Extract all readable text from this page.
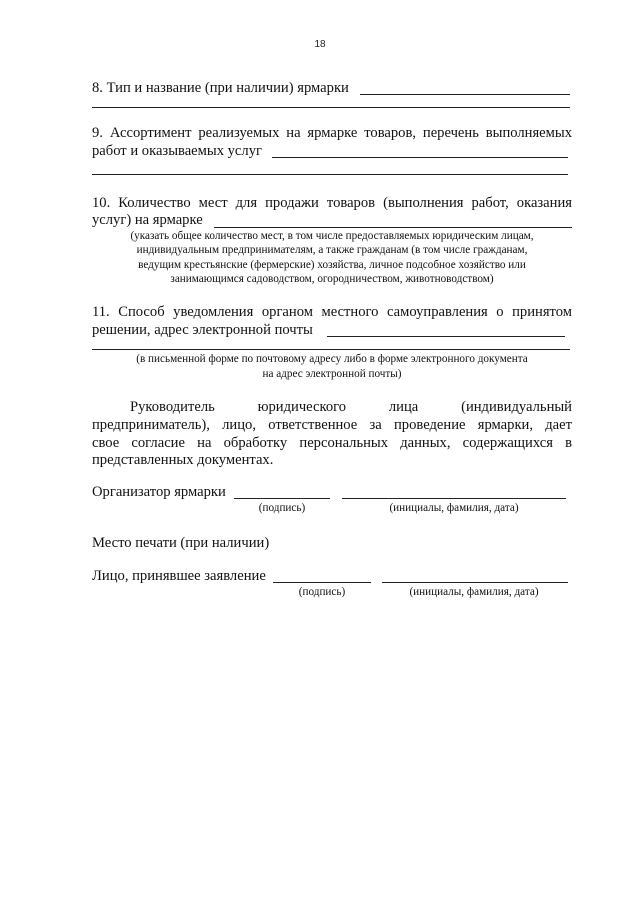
18
8. Тип и название (при наличии) ярмарки
9. Ассортимент реализуемых на ярмарке товаров, перечень выполняемых
работ и оказываемых услуг
10. Количество мест для продажи товаров (выполнения работ, оказания
услуг) на ярмарке
(указать общее количество мест, в том числе предоставляемых юридическим лицам,
индивидуальным предпринимателям, а также гражданам (в том числе гражданам,
ведущим крестьянские (фермерские) хозяйства, личное подсобное хозяйство или
занимающимся садоводством, огородничеством, животноводством)
11. Способ уведомления органом местного самоуправления о принятом
решении, адрес электронной почты
(в письменной форме по почтовому адресу либо в форме электронного документа
на адрес электронной почты)
Руководитель юридического лица (индивидуальный
предприниматель), лицо, ответственное за проведение ярмарки, дает
свое согласие на обработку персональных данных, содержащихся в
представленных документах.
Организатор ярмарки
(подпись)	(инициалы, фамилия, дата)
Место печати (при наличии)
Лицо, принявшее заявление
(подпись)	(инициалы, фамилия, дата)
